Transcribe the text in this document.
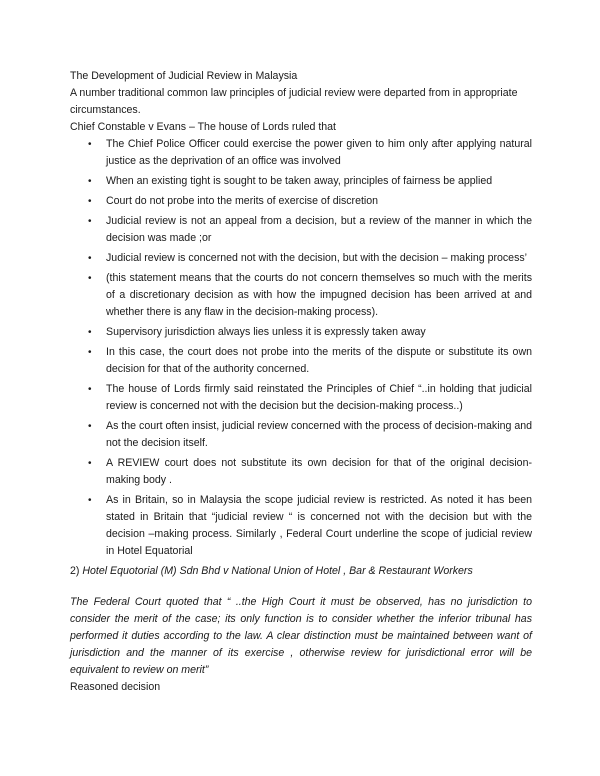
The Development of Judicial Review in Malaysia

A number traditional common law principles of judicial review were departed from in appropriate circumstances.

Chief Constable v Evans – The house of Lords ruled that

• The Chief Police Officer could exercise the power given to him only after applying natural justice as the deprivation of an office was involved
• When an existing tight is sought to be taken away, principles of fairness be applied
• Court do not probe into the merits of exercise of discretion
• Judicial review is not an appeal from a decision, but a review of the manner in which the decision was made ;or
• Judicial review is concerned not with the decision, but with the decision – making process’
• (this statement means that the courts do not concern themselves so much with the merits of a discretionary decision as with how the impugned decision has been arrived at and whether there is any flaw in the decision-making process).
• Supervisory jurisdiction always lies unless it is expressly taken away
• In this case, the court does not probe into the merits of the dispute or substitute its own decision for that of the authority concerned.
• The house of Lords firmly said reinstated the Principles of Chief “..in holding that judicial review is concerned not with the decision but the decision-making process..)
• As the court often insist, judicial review concerned with the process of decision-making and not the decision itself.
• A REVIEW court does not substitute its own decision for that of the original decision-making body .
• As in Britain, so in Malaysia the scope judicial review is restricted. As noted it has been stated in Britain that “judicial review “ is concerned not with the decision but with the decision –making process. Similarly , Federal Court underline the scope of judicial review in Hotel Equatorial

2) Hotel Equotorial (M) Sdn Bhd v National Union of Hotel , Bar & Restaurant Workers

The Federal Court quoted that “ ..the High Court it must be observed, has no jurisdiction to consider the merit of the case; its only function is to consider whether the inferior tribunal has performed it duties according to the law. A clear distinction must be maintained between want of jurisdiction and the manner of its exercise , otherwise review for jurisdictional error will be equivalent to review on merit”

Reasoned decision
